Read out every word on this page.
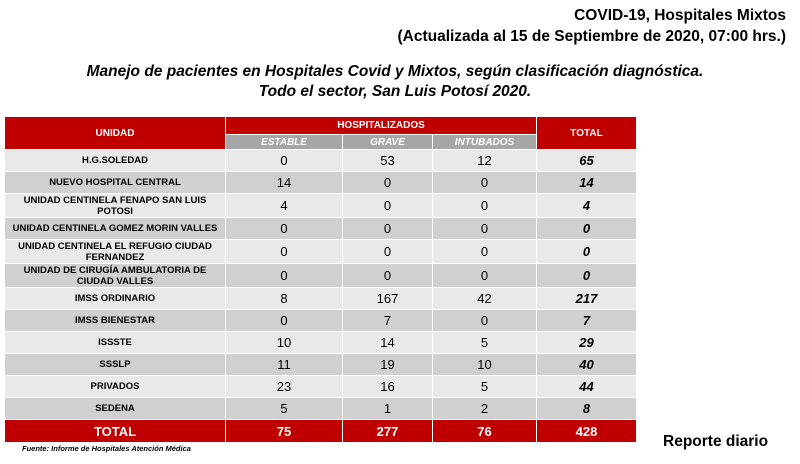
COVID-19, Hospitales Mixtos
(Actualizada al 15 de Septiembre de 2020, 07:00 hrs.)
Manejo de pacientes en Hospitales Covid y Mixtos, según clasificación diagnóstica.
Todo el sector, San Luis Potosí 2020.
UNIDAD	HOSPITALIZADOS			TOTAL
	ESTABLE	GRAVE	INTUBADOS	
H.G.SOLEDAD	0	53	12	65
NUEVO HOSPITAL CENTRAL	14	0	0	14
UNIDAD CENTINELA FENAPO SAN LUIS POTOSI	4	0	0	4
UNIDAD CENTINELA GOMEZ MORIN VALLES	0	0	0	0
UNIDAD CENTINELA EL REFUGIO CIUDAD FERNANDEZ	0	0	0	0
UNIDAD DE CIRUGÍA AMBULATORIA DE CIUDAD VALLES	0	0	0	0
IMSS ORDINARIO	8	167	42	217
IMSS BIENESTAR	0	7	0	7
ISSSTE	10	14	5	29
SSSLP	11	19	10	40
PRIVADOS	23	16	5	44
SEDENA	5	1	2	8
TOTAL	75	277	76	428
Fuente: Informe de Hospitales Atención Médica	Reporte diario
